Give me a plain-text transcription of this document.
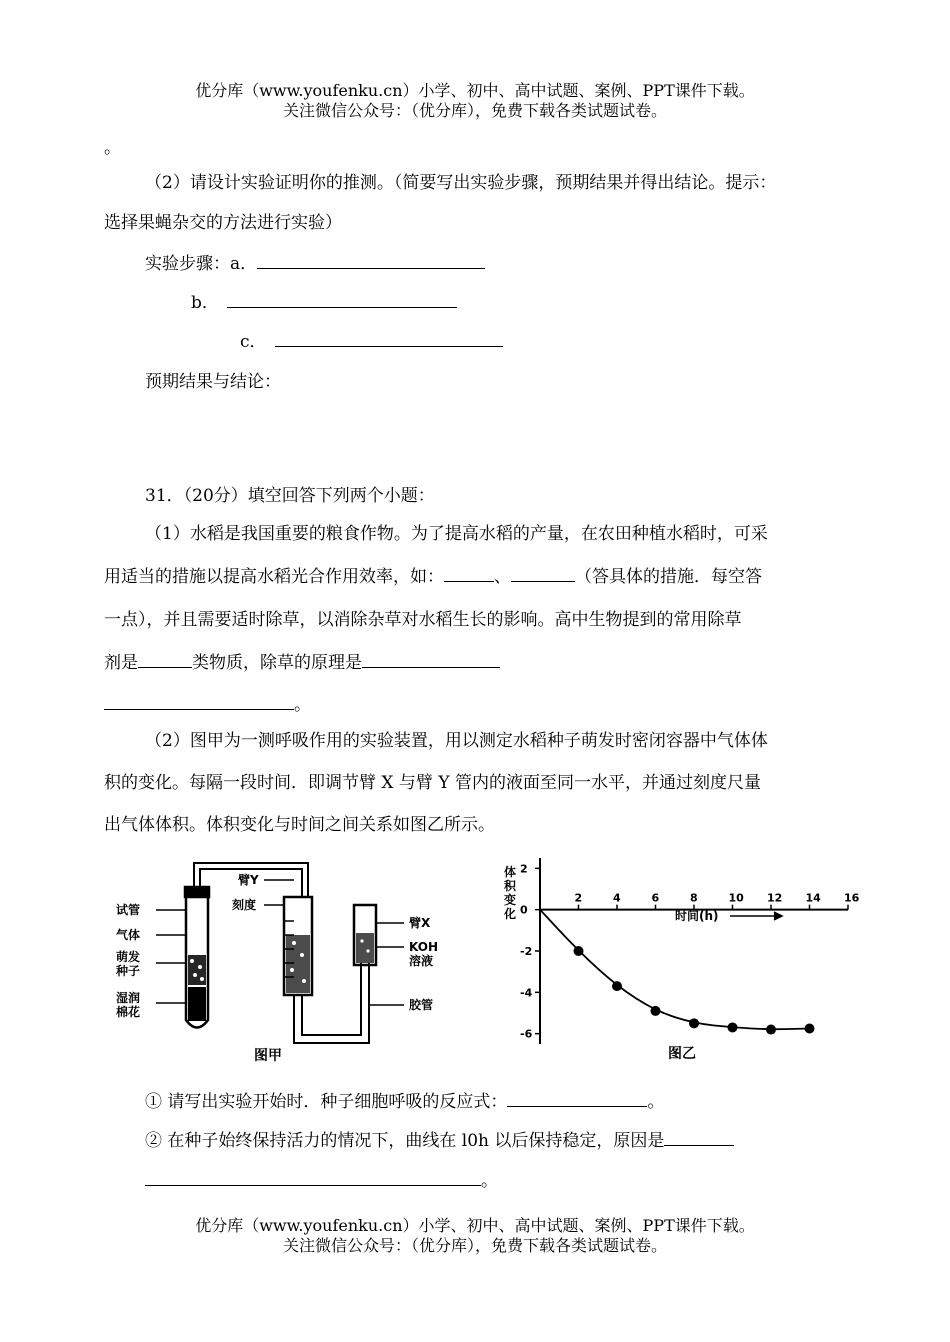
优分库（www.youfenku.cn）小学、初中、高中试题、案例、PPT课件下载。
关注微信公众号：（优分库），免费下载各类试题试卷。
。
（2）请设计实验证明你的推测。（简要写出实验步骤，预期结果并得出结论。提示：
选择果蝇杂交的方法进行实验）
实验步骤：a．
b．
c．
预期结果与结论：
31．（20分）填空回答下列两个小题：
（1）水稻是我国重要的粮食作物。为了提高水稻的产量，在农田种植水稻时，可采
用适当的措施以提高水稻光合作用效率，如：	、	（答具体的措施．每空答
一点），并且需要适时除草，以消除杂草对水稻生长的影响。高中生物提到的常用除草
剂是	类物质，除草的原理是
。
（2）图甲为一测呼吸作用的实验装置，用以测定水稻种子萌发时密闭容器中气体体
积的变化。每隔一段时间．即调节臂 X 与臂 Y 管内的液面至同一水平，并通过刻度尺量
出气体体积。体积变化与时间之间关系如图乙所示。
试管
气体
萌发
种子
湿润
棉花
臂Y
刻度
臂X
KOH
溶液
胶管
图甲
体
积
变
化
2	4	6	8	10 12 14 16
2
0
-2
-4
-6
时间(h)
图乙
① 请写出实验开始时．种子细胞呼吸的反应式：	。
② 在种子始终保持活力的情况下，曲线在 l0h 以后保持稳定，原因是
。
优分库（www.youfenku.cn）小学、初中、高中试题、案例、PPT课件下载。
关注微信公众号：（优分库），免费下载各类试题试卷。
